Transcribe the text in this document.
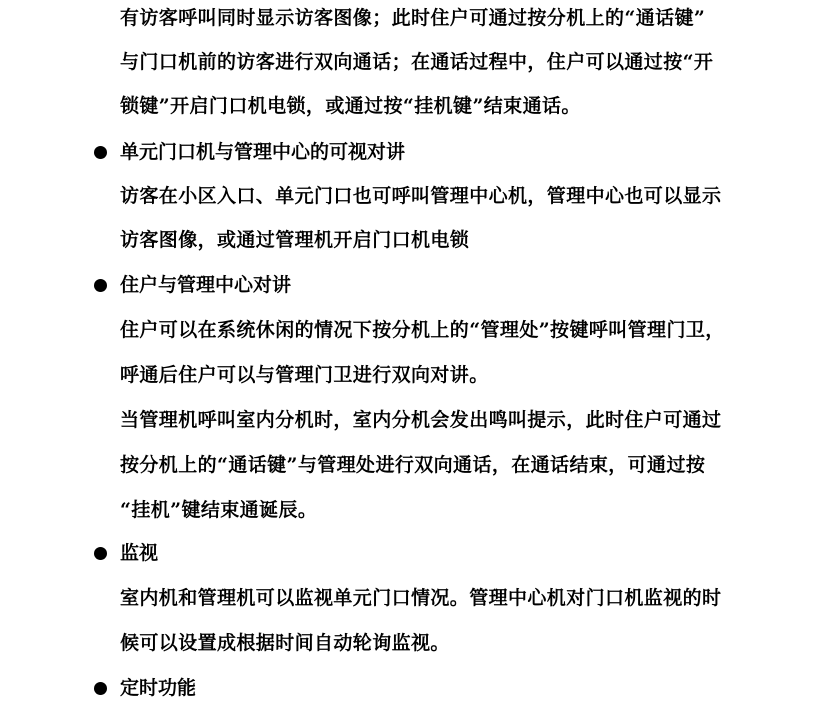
有访客呼叫同时显示访客图像；此时住户可通过按分机上的“通话键”
与门口机前的访客进行双向通话；在通话过程中，住户可以通过按“开
锁键”开启门口机电锁，或通过按“挂机键”结束通话。
单元门口机与管理中心的可视对讲
访客在小区入口、单元门口也可呼叫管理中心机，管理中心也可以显示
访客图像，或通过管理机开启门口机电锁
住户与管理中心对讲
住户可以在系统休闲的情况下按分机上的“管理处”按键呼叫管理门卫，
呼通后住户可以与管理门卫进行双向对讲。
当管理机呼叫室内分机时，室内分机会发出鸣叫提示，此时住户可通过
按分机上的“通话键”与管理处进行双向通话，在通话结束，可通过按
“挂机”键结束通诞辰。
监视
室内机和管理机可以监视单元门口情况。管理中心机对门口机监视的时
候可以设置成根据时间自动轮询监视。
定时功能
